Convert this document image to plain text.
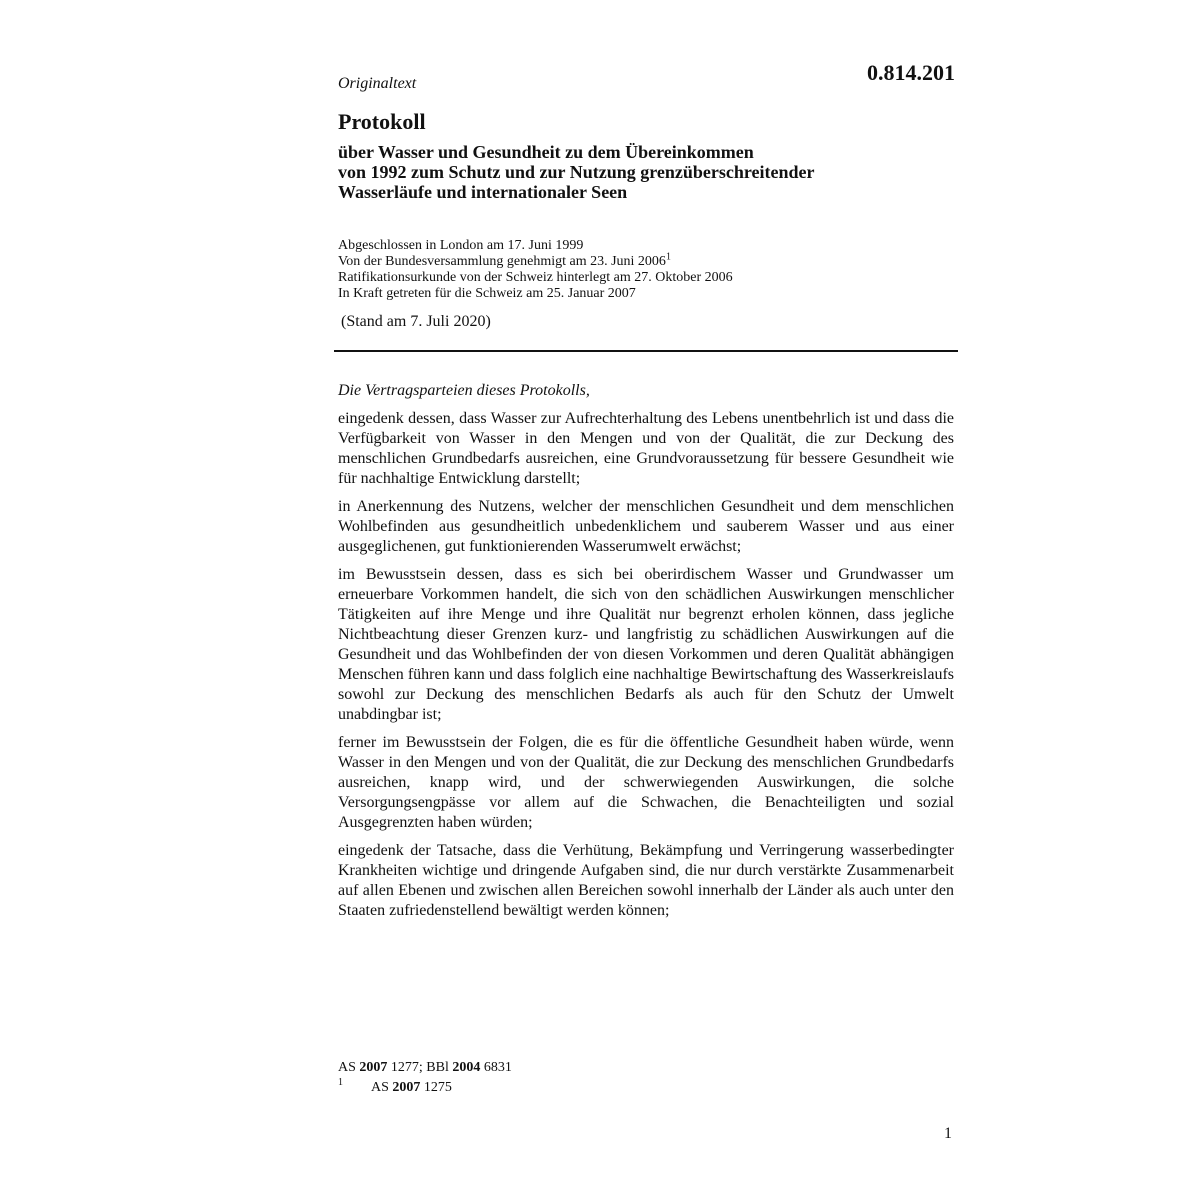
0.814.201
Originaltext
Protokoll
über Wasser und Gesundheit zu dem Übereinkommen
von 1992 zum Schutz und zur Nutzung grenzüberschreitender
Wasserläufe und internationaler Seen
Abgeschlossen in London am 17. Juni 1999
Von der Bundesversammlung genehmigt am 23. Juni 2006$^1$
Ratifikationsurkunde von der Schweiz hinterlegt am 27. Oktober 2006
In Kraft getreten für die Schweiz am 25. Januar 2007
(Stand am 7. Juli 2020)
Die Vertragsparteien dieses Protokolls,

eingedenk dessen, dass Wasser zur Aufrechterhaltung des Lebens unentbehrlich ist und dass die Verfügbarkeit von Wasser in den Mengen und von der Qualität, die zur Deckung des menschlichen Grundbedarfs ausreichen, eine Grundvoraussetzung für bessere Gesundheit wie für nachhaltige Entwicklung darstellt;

in Anerkennung des Nutzens, welcher der menschlichen Gesundheit und dem menschlichen Wohlbefinden aus gesundheitlich unbedenklichem und sauberem Wasser und aus einer ausgeglichenen, gut funktionierenden Wasserumwelt erwächst;

im Bewusstsein dessen, dass es sich bei oberirdischem Wasser und Grundwasser um erneuerbare Vorkommen handelt, die sich von den schädlichen Auswirkungen menschlicher Tätigkeiten auf ihre Menge und ihre Qualität nur begrenzt erholen können, dass jegliche Nichtbeachtung dieser Grenzen kurz- und langfristig zu schädlichen Auswirkungen auf die Gesundheit und das Wohlbefinden der von diesen Vorkommen und deren Qualität abhängigen Menschen führen kann und dass folglich eine nachhaltige Bewirtschaftung des Wasserkreislaufs sowohl zur Deckung des menschlichen Bedarfs als auch für den Schutz der Umwelt unabdingbar ist;

ferner im Bewusstsein der Folgen, die es für die öffentliche Gesundheit haben würde, wenn Wasser in den Mengen und von der Qualität, die zur Deckung des menschlichen Grundbedarfs ausreichen, knapp wird, und der schwerwiegenden Auswirkungen, die solche Versorgungsengpässe vor allem auf die Schwachen, die Benachteiligten und sozial Ausgegrenzten haben würden;

eingedenk der Tatsache, dass die Verhütung, Bekämpfung und Verringerung wasserbedingter Krankheiten wichtige und dringende Aufgaben sind, die nur durch verstärkte Zusammenarbeit auf allen Ebenen und zwischen allen Bereichen sowohl innerhalb der Länder als auch unter den Staaten zufriedenstellend bewältigt werden können;

AS 2007 1277; BBl 2004 6831
1 AS 2007 1275
1
